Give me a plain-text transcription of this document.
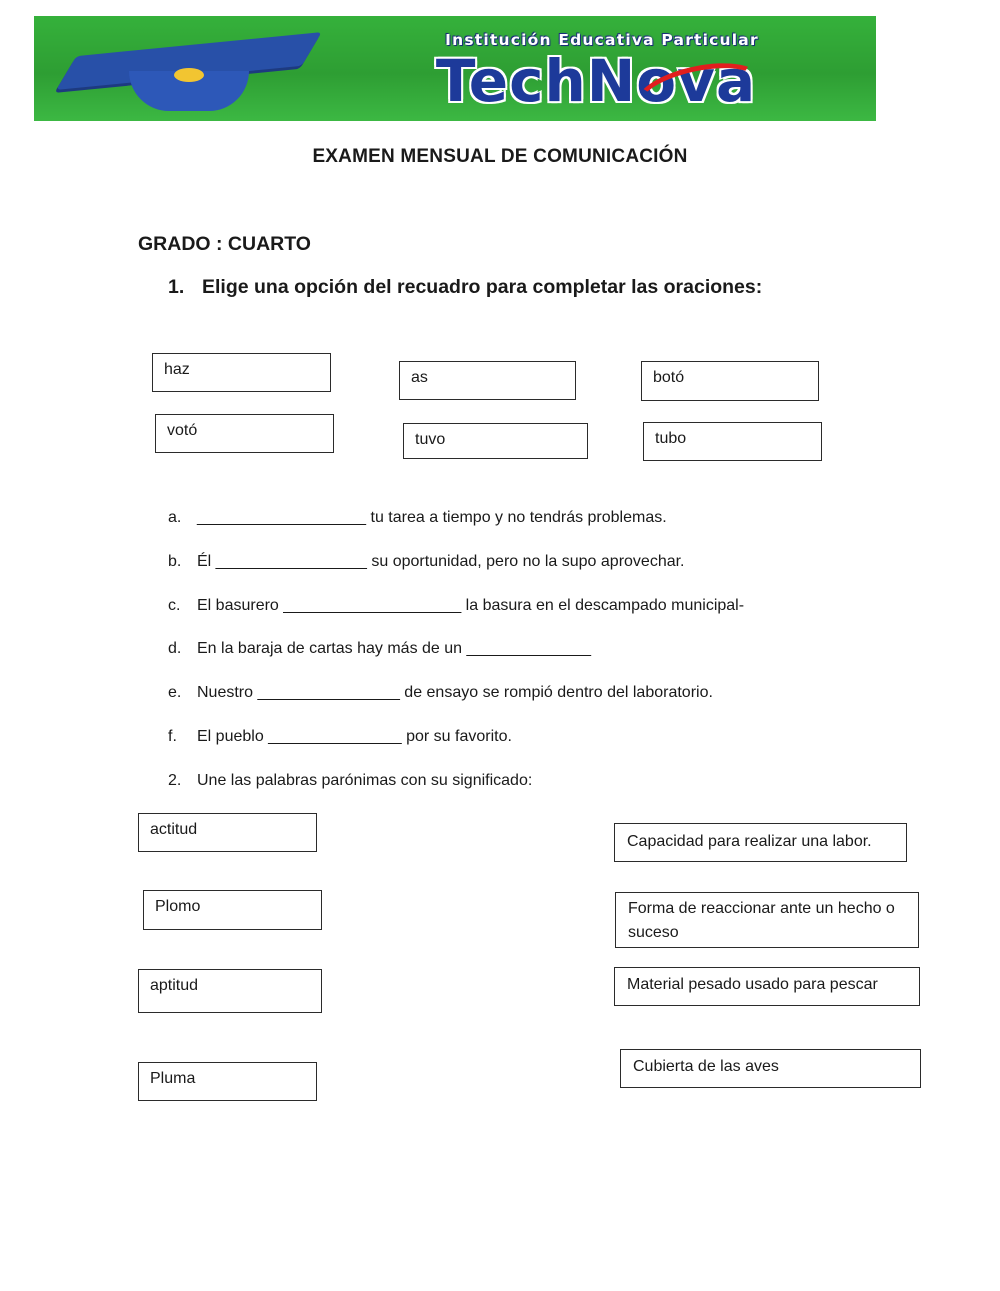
Institución Educativa Particular
TechNova
EXAMEN MENSUAL DE COMUNICACIÓN
GRADO : CUARTO
1. Elige una opción del recuadro para completar las oraciones:
haz	as	botó
votó
tuvo	tubo
a. ___________________ tu tarea a tiempo y no tendrás problemas.
b. Él _________________ su oportunidad, pero no la supo aprovechar.
c. El basurero ____________________ la basura en el descampado municipal-
d. En la baraja de cartas hay más de un ______________
e. Nuestro ________________ de ensayo se rompió dentro del laboratorio.
f. El pueblo _______________ por su favorito.
2. Une las palabras parónimas con su significado:
actitud
Plomo
aptitud
Pluma
Capacidad para realizar una labor.
Forma de reaccionar ante un hecho o suceso
Material pesado usado para pescar
Cubierta de las aves
